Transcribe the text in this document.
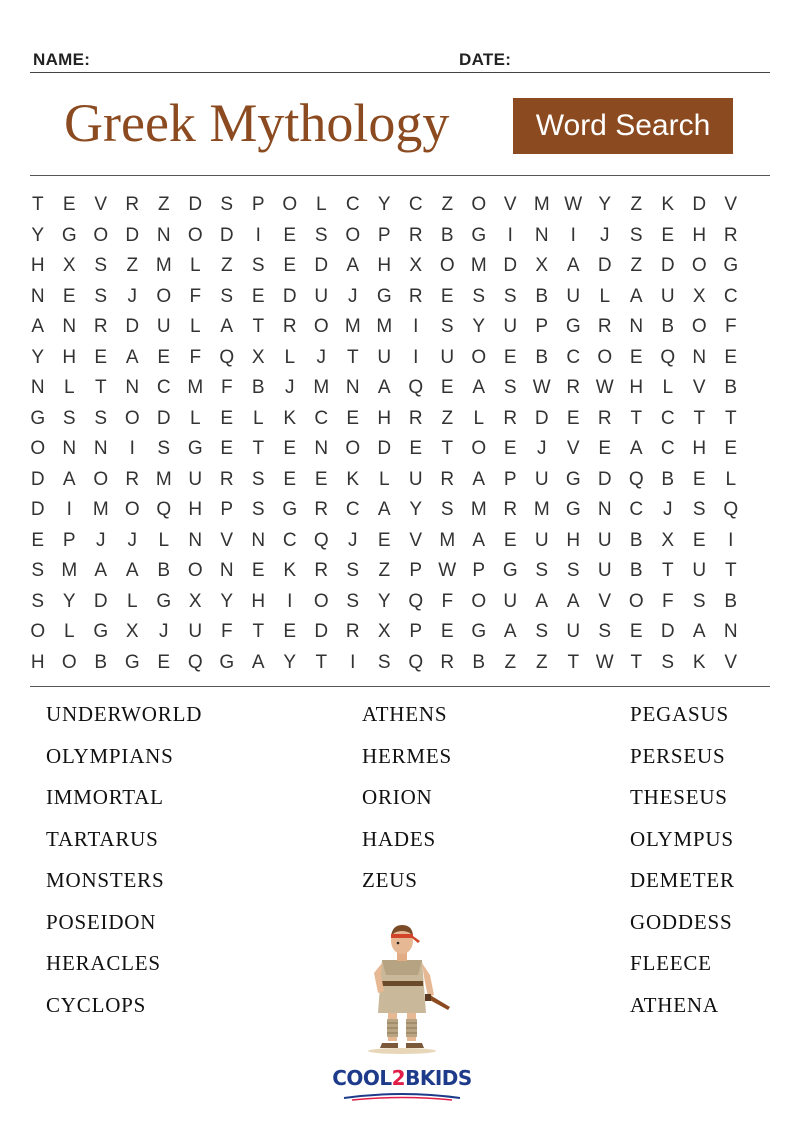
NAME:	DATE:
Greek Mythology	Word Search
T	E V R Z D S P O L	C Y C Z O V M W Y	Z	K D V
Y G O D N O D	I	E S O P R B G	I	N	I	J	S E H R
H X S	Z M L	Z	S E D A H X O M D X A D Z D O G
N E S	J	O F	S E D U	J	G R E S S B U	L	A U X C
A N R D U	L	A	T R O M M	I	S Y U P G R N B O F
Y H E A E	F Q X	L	J	T U	I	U O E B C O E Q N E
N	L	T N C M F	B	J M N A Q E A S W R W H	L	V B
G S S O D	L	E	L	K C E H R Z	L	R D E R T C T	T
O N N	I	S G E	T	E N O D E	T O E	J	V E A C H E
D A O R M U R S E E K	L	U R A P U G D Q B E	L
D	I	M O Q H P S G R C A Y S M R M G N C	J	S Q
E P	J	J	L	N V N C Q	J	E V M A E U H U B X E	I
S M A A B O N E K R S	Z	P W P G S S U B	T U T
S Y D	L G X Y H	I	O S Y Q F O U A A V O F	S B
O L G X	J	U F	T	E D R X P E G A S U S E D A N
H O B G E Q G A Y	T	I	S Q R B	Z	Z	T W T	S K V
UNDERWORLD
OLYMPIANS
IMMORTAL
TARTARUS
MONSTERS
POSEIDON
HERACLES
CYCLOPS
ATHENS
HERMES
ORION
HADES
ZEUS
PEGASUS
PERSEUS
THESEUS
OLYMPUS
DEMETER
GODDESS
FLEECE
ATHENA
COOL2BKIDS
